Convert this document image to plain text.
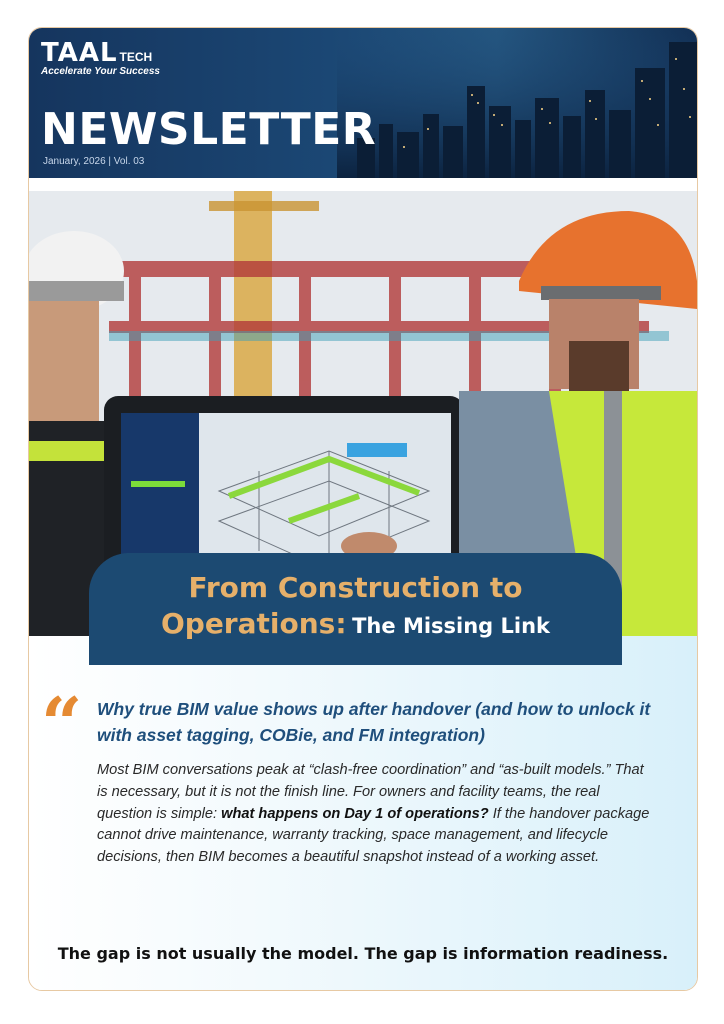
TAAL TECH
Accelerate Your Success
NEWSLETTER
January, 2026 | Vol. 03
“ Why true BIM value shows up after handover (and how to unlock it with asset tagging, COBie, and FM integration)
Most BIM conversations peak at “clash-free coordination” and “as-built models.” That is necessary, but it is not the finish line. For owners and facility teams, the real question is simple: what happens on Day 1 of operations? If the handover package cannot drive maintenance, warranty tracking, space management, and lifecycle decisions, then BIM becomes a beautiful snapshot instead of a working asset.
The gap is not usually the model. The gap is information readiness.
From Construction to
Operations: The Missing Link
